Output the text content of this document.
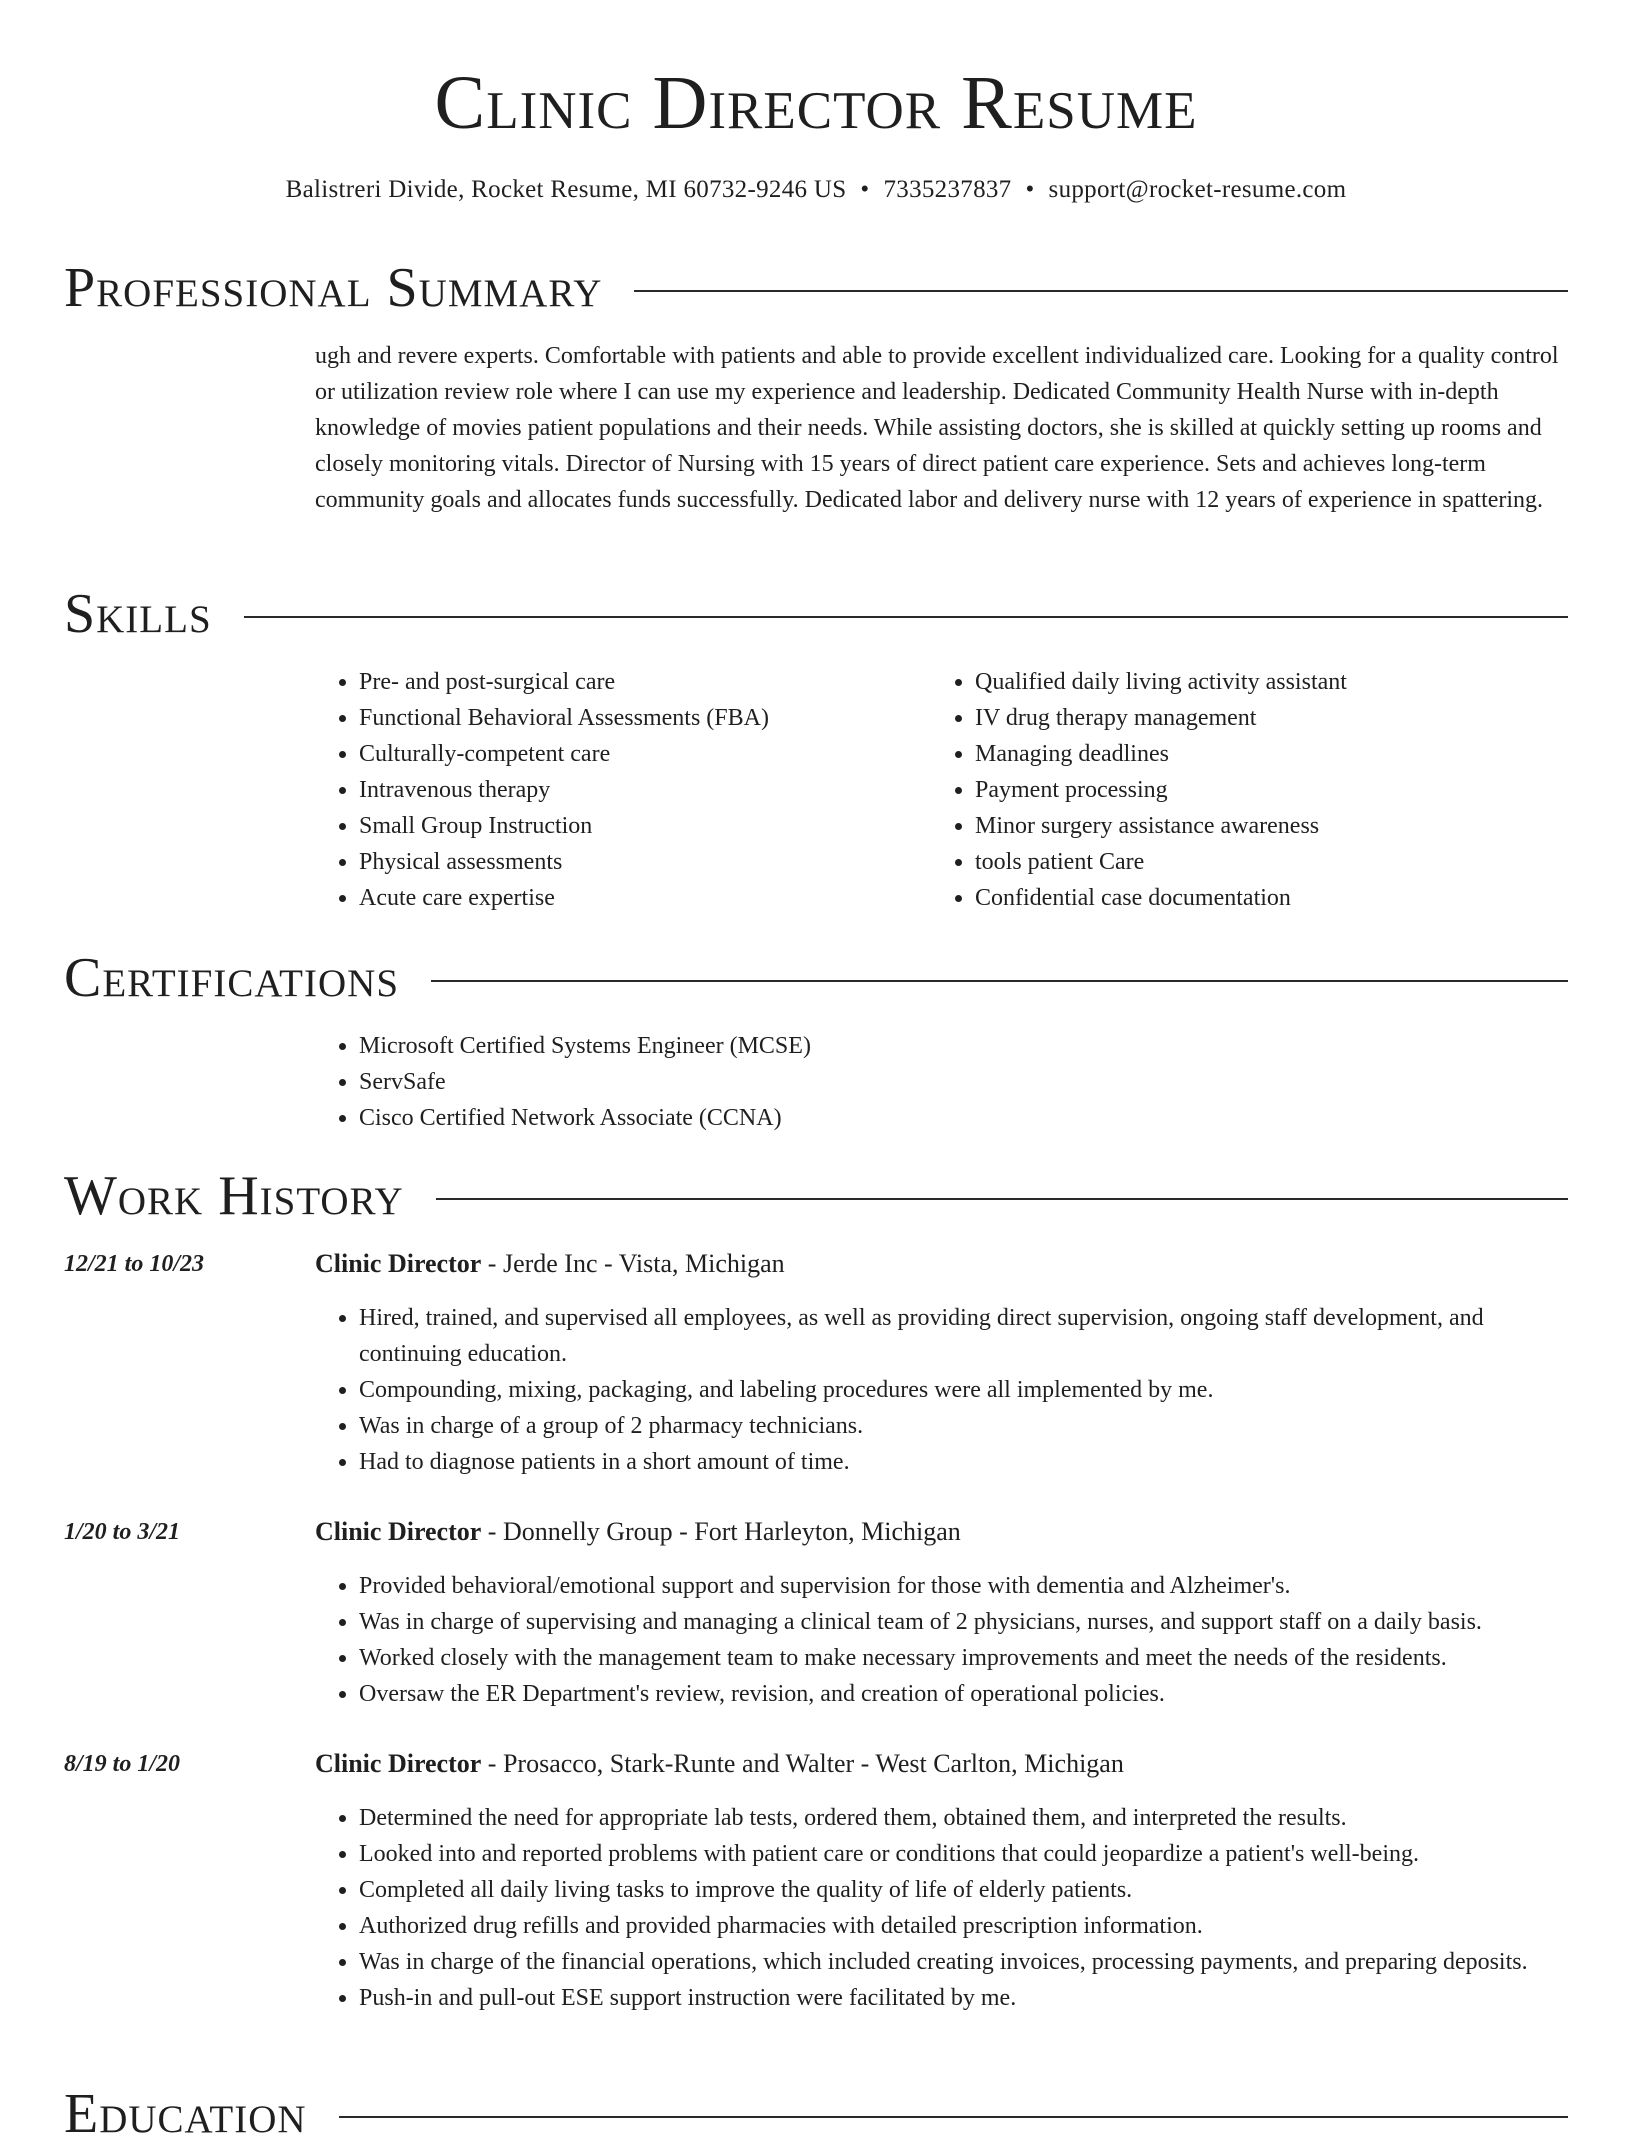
Clinic Director Resume
Balistreri Divide, Rocket Resume, MI 60732-9246 US • 7335237837 • support@rocket-resume.com
Professional Summary
ugh and revere experts. Comfortable with patients and able to provide excellent individualized care. Looking for a quality control or utilization review role where I can use my experience and leadership. Dedicated Community Health Nurse with in-depth knowledge of movies patient populations and their needs. While assisting doctors, she is skilled at quickly setting up rooms and closely monitoring vitals. Director of Nursing with 15 years of direct patient care experience. Sets and achieves long-term community goals and allocates funds successfully. Dedicated labor and delivery nurse with 12 years of experience in spattering.
Skills
• Pre- and post-surgical care
• Functional Behavioral Assessments (FBA)
• Culturally-competent care
• Intravenous therapy
• Small Group Instruction
• Physical assessments
• Acute care expertise
• Qualified daily living activity assistant
• IV drug therapy management
• Managing deadlines
• Payment processing
• Minor surgery assistance awareness
• tools patient Care
• Confidential case documentation
Certifications
• Microsoft Certified Systems Engineer (MCSE)
• ServSafe
• Cisco Certified Network Associate (CCNA)
Work History
12/21 to 10/23	Clinic Director - Jerde Inc - Vista, Michigan
• Hired, trained, and supervised all employees, as well as providing direct supervision, ongoing staff development, and continuing education.
• Compounding, mixing, packaging, and labeling procedures were all implemented by me.
• Was in charge of a group of 2 pharmacy technicians.
• Had to diagnose patients in a short amount of time.
1/20 to 3/21	Clinic Director - Donnelly Group - Fort Harleyton, Michigan
• Provided behavioral/emotional support and supervision for those with dementia and Alzheimer's.
• Was in charge of supervising and managing a clinical team of 2 physicians, nurses, and support staff on a daily basis.
• Worked closely with the management team to make necessary improvements and meet the needs of the residents.
• Oversaw the ER Department's review, revision, and creation of operational policies.
8/19 to 1/20	Clinic Director - Prosacco, Stark-Runte and Walter - West Carlton, Michigan
• Determined the need for appropriate lab tests, ordered them, obtained them, and interpreted the results.
• Looked into and reported problems with patient care or conditions that could jeopardize a patient's well-being.
• Completed all daily living tasks to improve the quality of life of elderly patients.
• Authorized drug refills and provided pharmacies with detailed prescription information.
• Was in charge of the financial operations, which included creating invoices, processing payments, and preparing deposits.
• Push-in and pull-out ESE support instruction were facilitated by me.
Education
